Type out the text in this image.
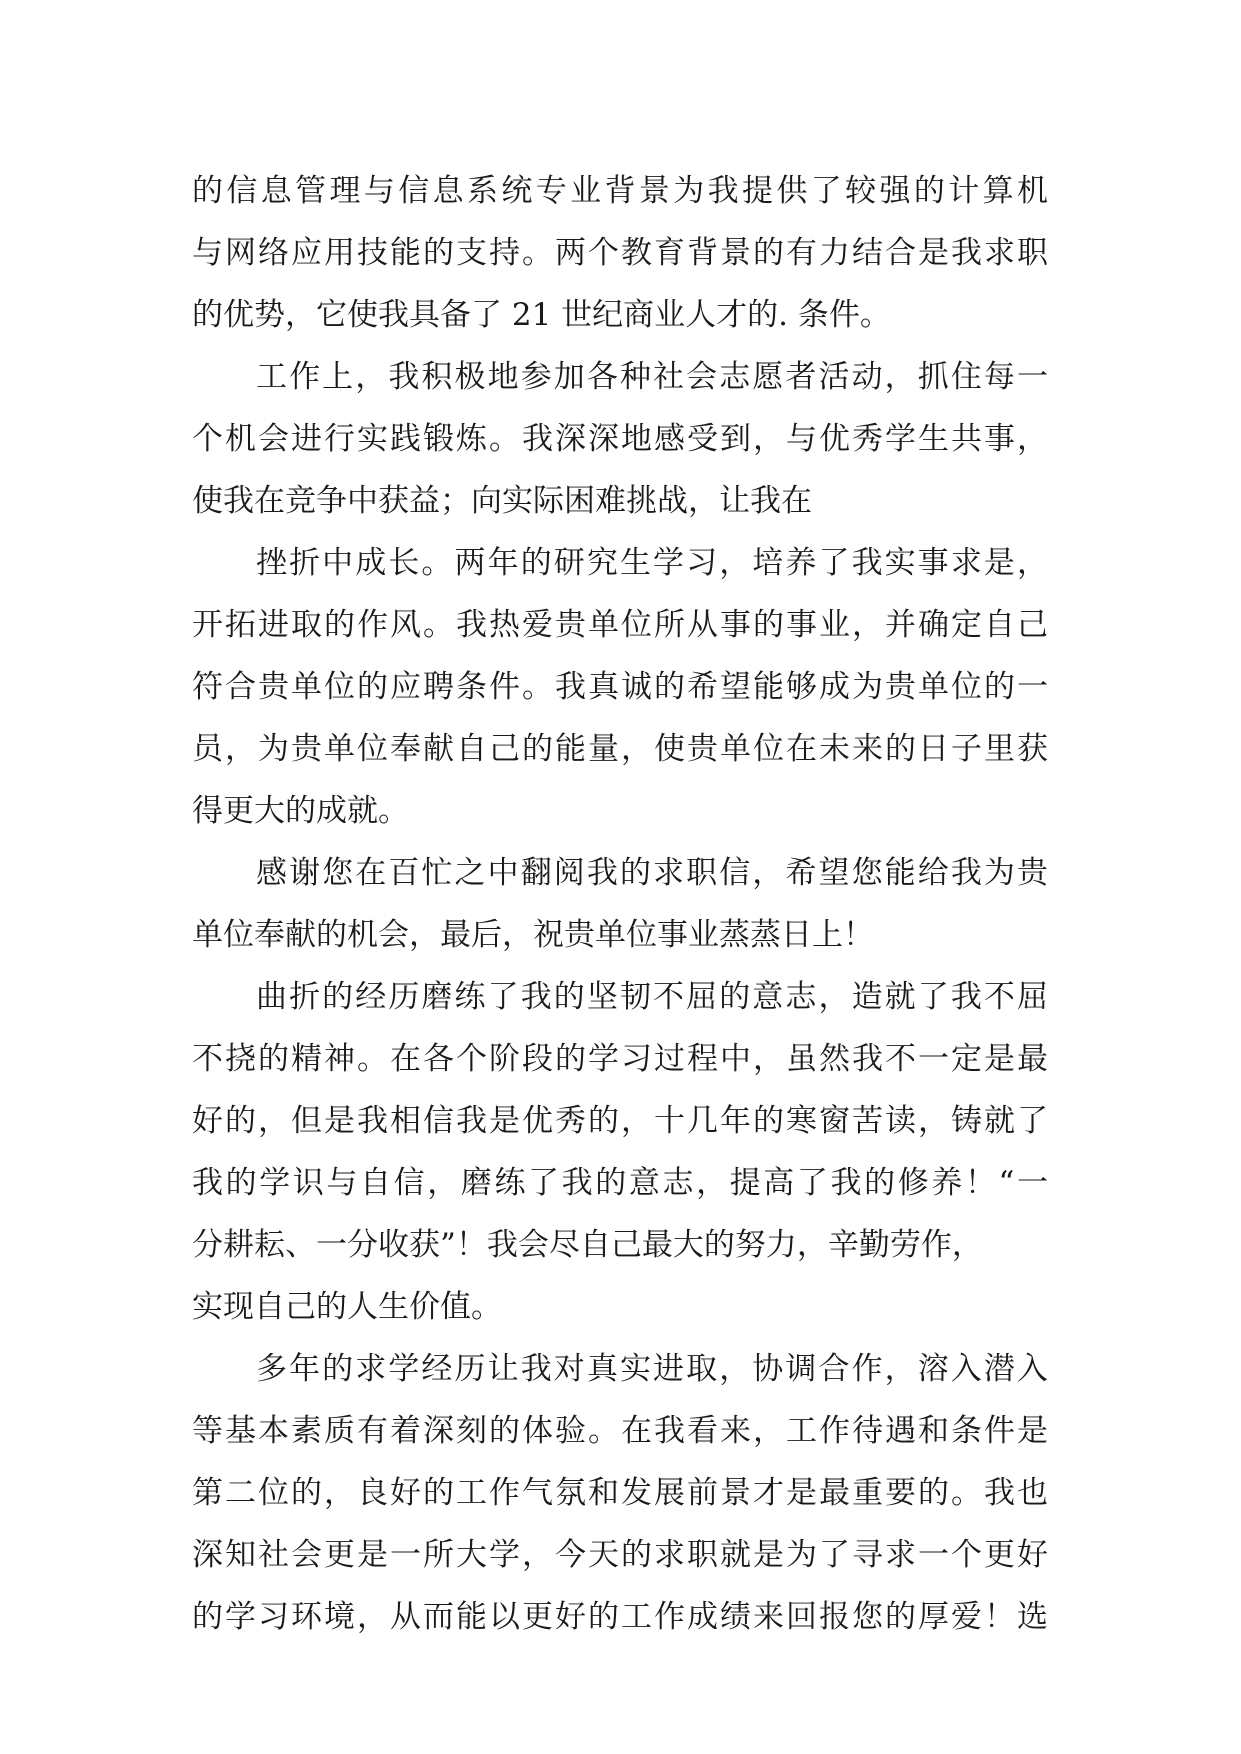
的信息管理与信息系统专业背景为我提供了较强的计算机
与网络应用技能的支持。两个教育背景的有力结合是我求职
的优势，它使我具备了 21 世纪商业人才的. 条件。
工作上，我积极地参加各种社会志愿者活动，抓住每一
个机会进行实践锻炼。我深深地感受到，与优秀学生共事，
使我在竞争中获益；向实际困难挑战，让我在
挫折中成长。两年的研究生学习，培养了我实事求是，
开拓进取的作风。我热爱贵单位所从事的事业，并确定自己
符合贵单位的应聘条件。我真诚的希望能够成为贵单位的一
员，为贵单位奉献自己的能量，使贵单位在未来的日子里获
得更大的成就。
感谢您在百忙之中翻阅我的求职信，希望您能给我为贵
单位奉献的机会，最后，祝贵单位事业蒸蒸日上！
曲折的经历磨练了我的坚韧不屈的意志，造就了我不屈
不挠的精神。在各个阶段的学习过程中，虽然我不一定是最
好的，但是我相信我是优秀的，十几年的寒窗苦读，铸就了
我的学识与自信，磨练了我的意志，提高了我的修养！“一
分耕耘、一分收获”！我会尽自己最大的努力，辛勤劳作，
实现自己的人生价值。
多年的求学经历让我对真实进取，协调合作，溶入潜入
等基本素质有着深刻的体验。在我看来，工作待遇和条件是
第二位的，良好的工作气氛和发展前景才是最重要的。我也
深知社会更是一所大学，今天的求职就是为了寻求一个更好
的学习环境，从而能以更好的工作成绩来回报您的厚爱！选
